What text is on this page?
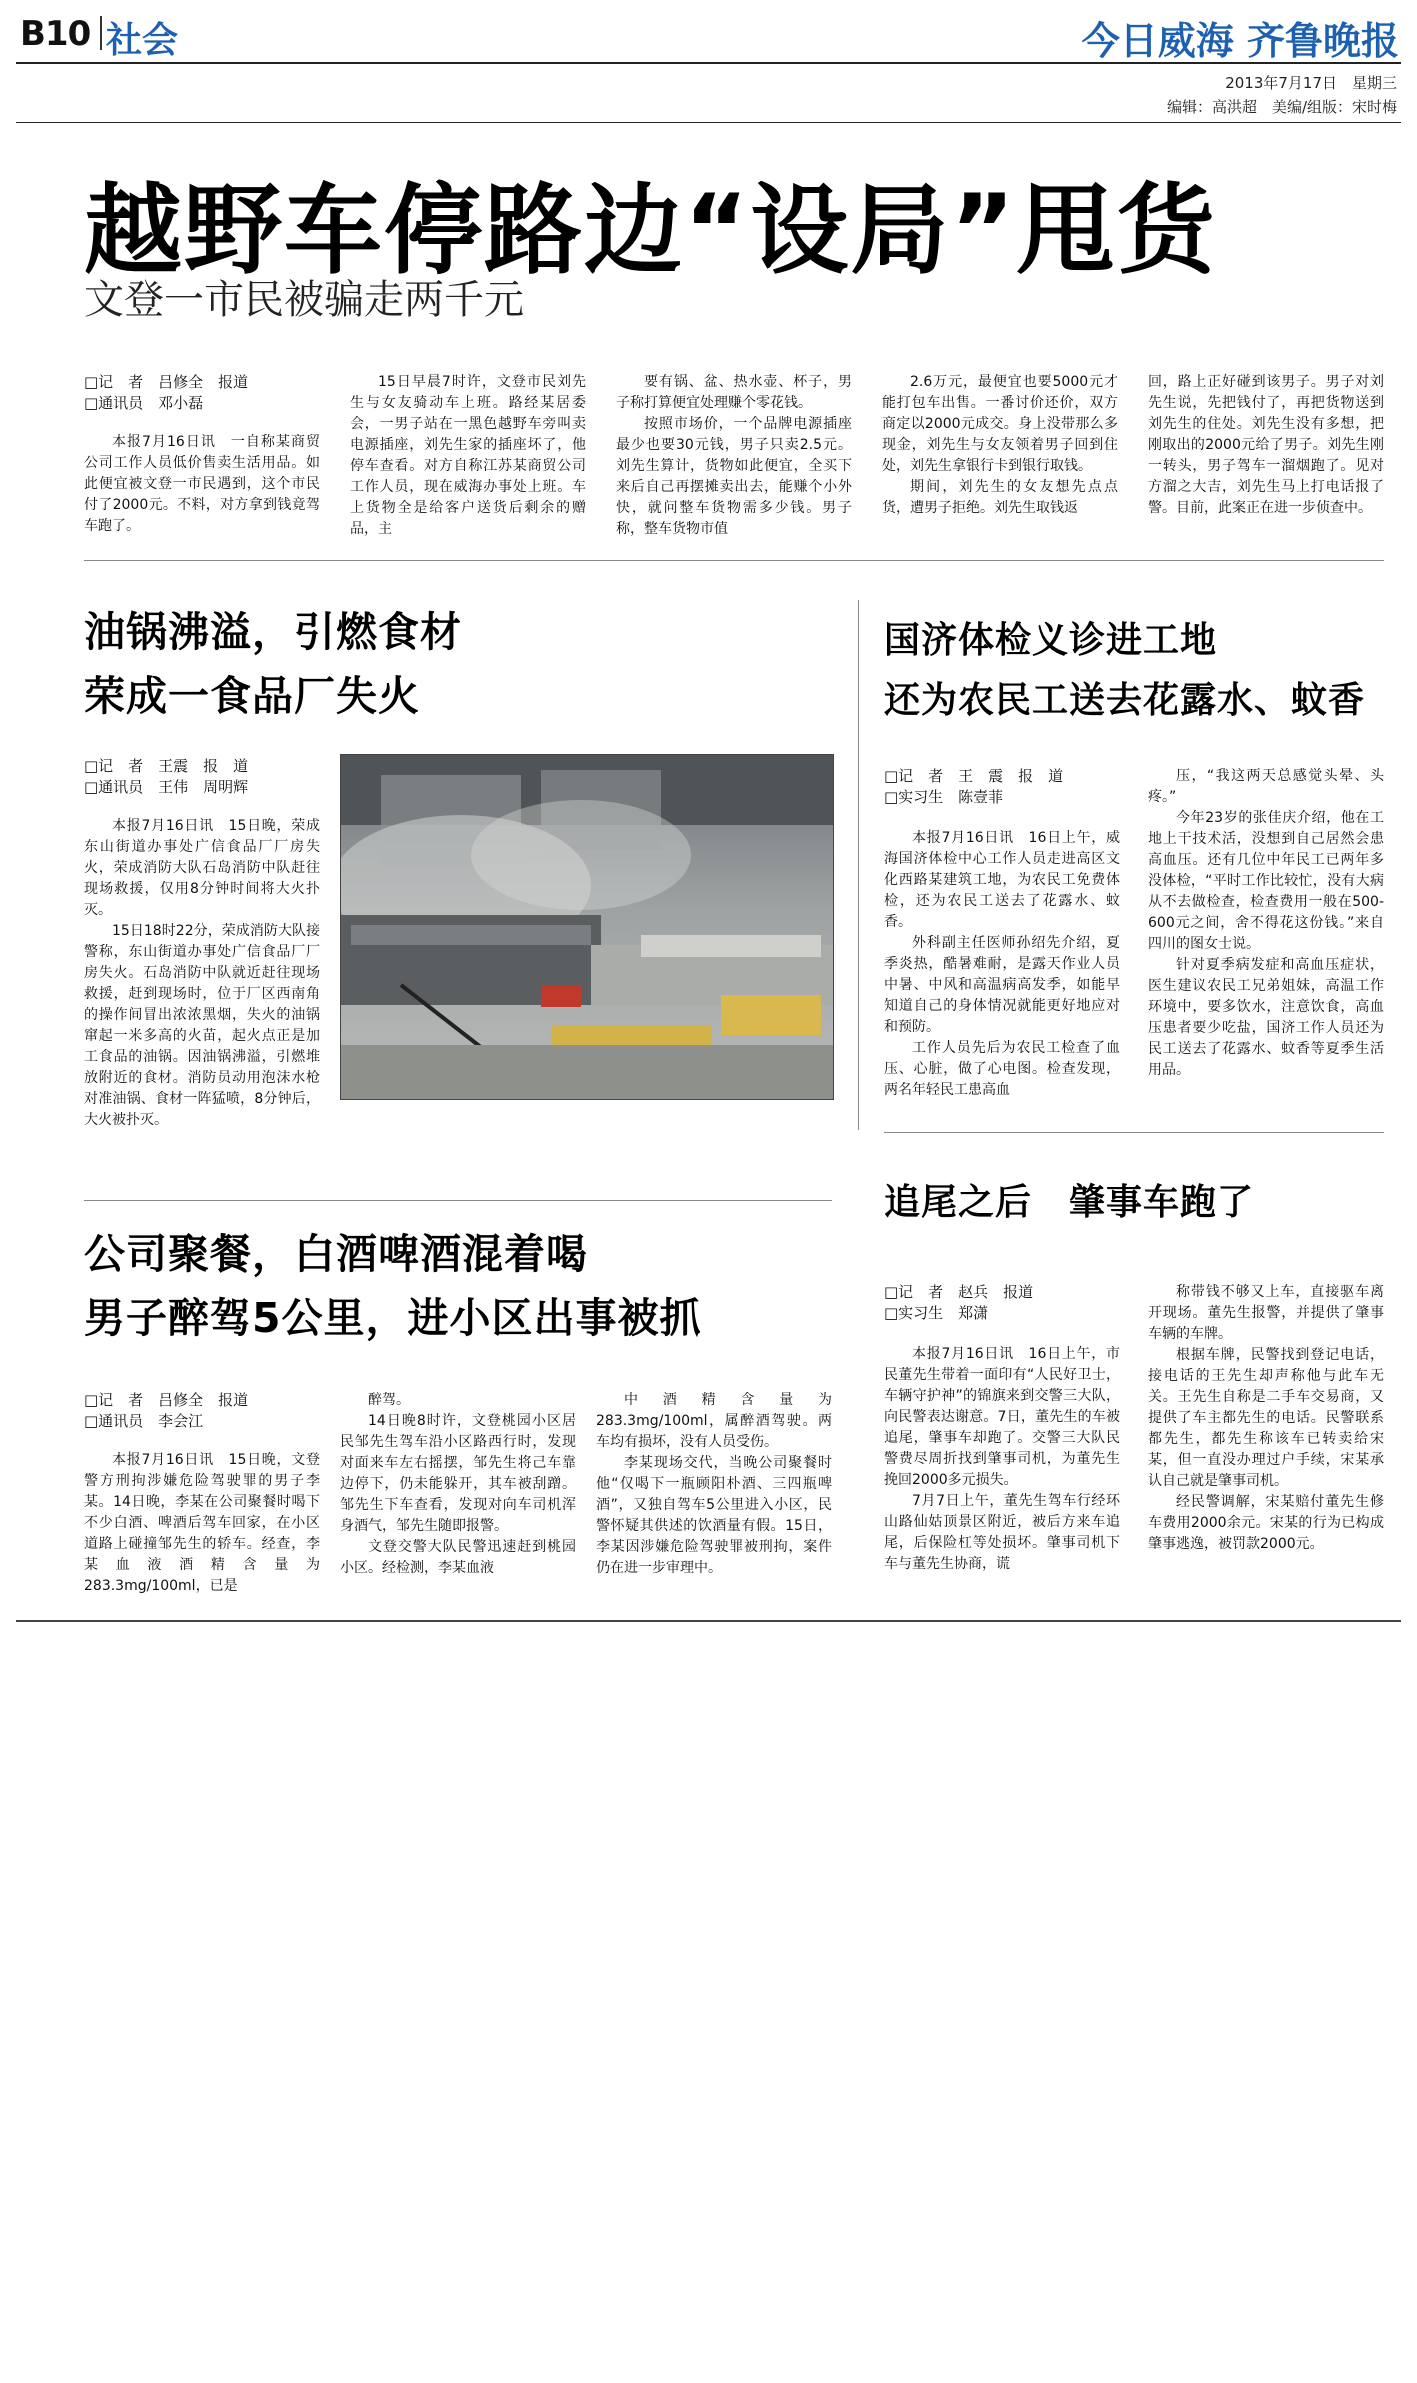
B10 社会	今日威海 齐鲁晚报
2013年7月17日　星期三
编辑：高洪超　美编/组版：宋时梅
越野车停路边“设局”甩货
文登一市民被骗走两千元
□记　者　吕修全　报道
□通讯员　邓小磊

本报7月16日讯　一自称某商贸公司工作人员低价售卖生活用品。如此便宜被文登一市民遇到，这个市民付了2000元。不料，对方拿到钱竟驾车跑了。

15日早晨7时许，文登市民刘先生与女友骑动车上班。路经某居委会，一男子站在一黑色越野车旁叫卖电源插座，刘先生家的插座坏了，他停车查看。对方自称江苏某商贸公司工作人员，现在威海办事处上班。车上货物全是给客户送货后剩余的赠品，主

要有锅、盆、热水壶、杯子，男子称打算便宜处理赚个零花钱。

按照市场价，一个品牌电源插座最少也要30元钱，男子只卖2.5元。刘先生算计，货物如此便宜，全买下来后自己再摆摊卖出去，能赚个小外快，就问整车货物需多少钱。男子称，整车货物市值

2.6万元，最便宜也要5000元才能打包车出售。一番讨价还价，双方商定以2000元成交。身上没带那么多现金，刘先生与女友领着男子回到住处，刘先生拿银行卡到银行取钱。

期间，刘先生的女友想先点点货，遭男子拒绝。刘先生取钱返

回，路上正好碰到该男子。男子对刘先生说，先把钱付了，再把货物送到刘先生的住处。刘先生没有多想，把刚取出的2000元给了男子。刘先生刚一转头，男子驾车一溜烟跑了。见对方溜之大吉，刘先生马上打电话报了警。目前，此案正在进一步侦查中。

油锅沸溢，引燃食材
荣成一食品厂失火
□记　者　王震　报　道
□通讯员　王伟　周明辉

本报7月16日讯　15日晚，荣成东山街道办事处广信食品厂厂房失火，荣成消防大队石岛消防中队赶往现场救援，仅用8分钟时间将大火扑灭。

15日18时22分，荣成消防大队接警称，东山街道办事处广信食品厂厂房失火。石岛消防中队就近赶往现场救援，赶到现场时，位于厂区西南角的操作间冒出浓浓黑烟，失火的油锅窜起一米多高的火苗，起火点正是加工食品的油锅。因油锅沸溢，引燃堆放附近的食材。消防员动用泡沫水枪对准油锅、食材一阵猛喷，8分钟后，大火被扑灭。

国济体检义诊进工地
还为农民工送去花露水、蚊香
□记　者　王　震　报　道
□实习生　陈壹菲

本报7月16日讯　16日上午，威海国济体检中心工作人员走进高区文化西路某建筑工地，为农民工免费体检，还为农民工送去了花露水、蚊香。

外科副主任医师孙绍先介绍，夏季炎热，酷暑难耐，是露天作业人员中暑、中风和高温病高发季，如能早知道自己的身体情况就能更好地应对和预防。

工作人员先后为农民工检查了血压、心脏，做了心电图。检查发现，两名年轻民工患高血

压，“我这两天总感觉头晕、头疼。”

今年23岁的张佳庆介绍，他在工地上干技术活，没想到自己居然会患高血压。还有几位中年民工已两年多没体检，“平时工作比较忙，没有大病从不去做检查，检查费用一般在500-600元之间，舍不得花这份钱。”来自四川的图女士说。

针对夏季病发症和高血压症状，医生建议农民工兄弟姐妹，高温工作环境中，要多饮水，注意饮食，高血压患者要少吃盐，国济工作人员还为民工送去了花露水、蚊香等夏季生活用品。

追尾之后　肇事车跑了
□记　者　赵兵　报道
□实习生　郑潇

本报7月16日讯　16日上午，市民董先生带着一面印有“人民好卫士，车辆守护神”的锦旗来到交警三大队，向民警表达谢意。7日，董先生的车被追尾，肇事车却跑了。交警三大队民警费尽周折找到肇事司机，为董先生挽回2000多元损失。

7月7日上午，董先生驾车行经环山路仙姑顶景区附近，被后方来车追尾，后保险杠等处损坏。肇事司机下车与董先生协商，谎

称带钱不够又上车，直接驱车离开现场。董先生报警，并提供了肇事车辆的车牌。

根据车牌，民警找到登记电话，接电话的王先生却声称他与此车无关。王先生自称是二手车交易商，又提供了车主都先生的电话。民警联系都先生，都先生称该车已转卖给宋某，但一直没办理过户手续，宋某承认自己就是肇事司机。

经民警调解，宋某赔付董先生修车费用2000余元。宋某的行为已构成肇事逃逸，被罚款2000元。

公司聚餐，白酒啤酒混着喝
男子醉驾5公里，进小区出事被抓
□记　者　吕修全　报道
□通讯员　李会江

本报7月16日讯　15日晚，文登警方刑拘涉嫌危险驾驶罪的男子李某。14日晚，李某在公司聚餐时喝下不少白酒、啤酒后驾车回家，在小区道路上碰撞邹先生的轿车。经查，李某血液酒精含量为283.3mg/100ml，已是

醉驾。

14日晚8时许，文登桃园小区居民邹先生驾车沿小区路西行时，发现对面来车左右摇摆，邹先生将己车靠边停下，仍未能躲开，其车被刮蹭。邹先生下车查看，发现对向车司机浑身酒气，邹先生随即报警。

文登交警大队民警迅速赶到桃园小区。经检测，李某血液

中酒精含量为283.3mg/100ml，属醉酒驾驶。两车均有损坏，没有人员受伤。

李某现场交代，当晚公司聚餐时他“仅喝下一瓶顾阳朴酒、三四瓶啤酒”，又独自驾车5公里进入小区，民警怀疑其供述的饮酒量有假。15日，李某因涉嫌危险驾驶罪被刑拘，案件仍在进一步审理中。
